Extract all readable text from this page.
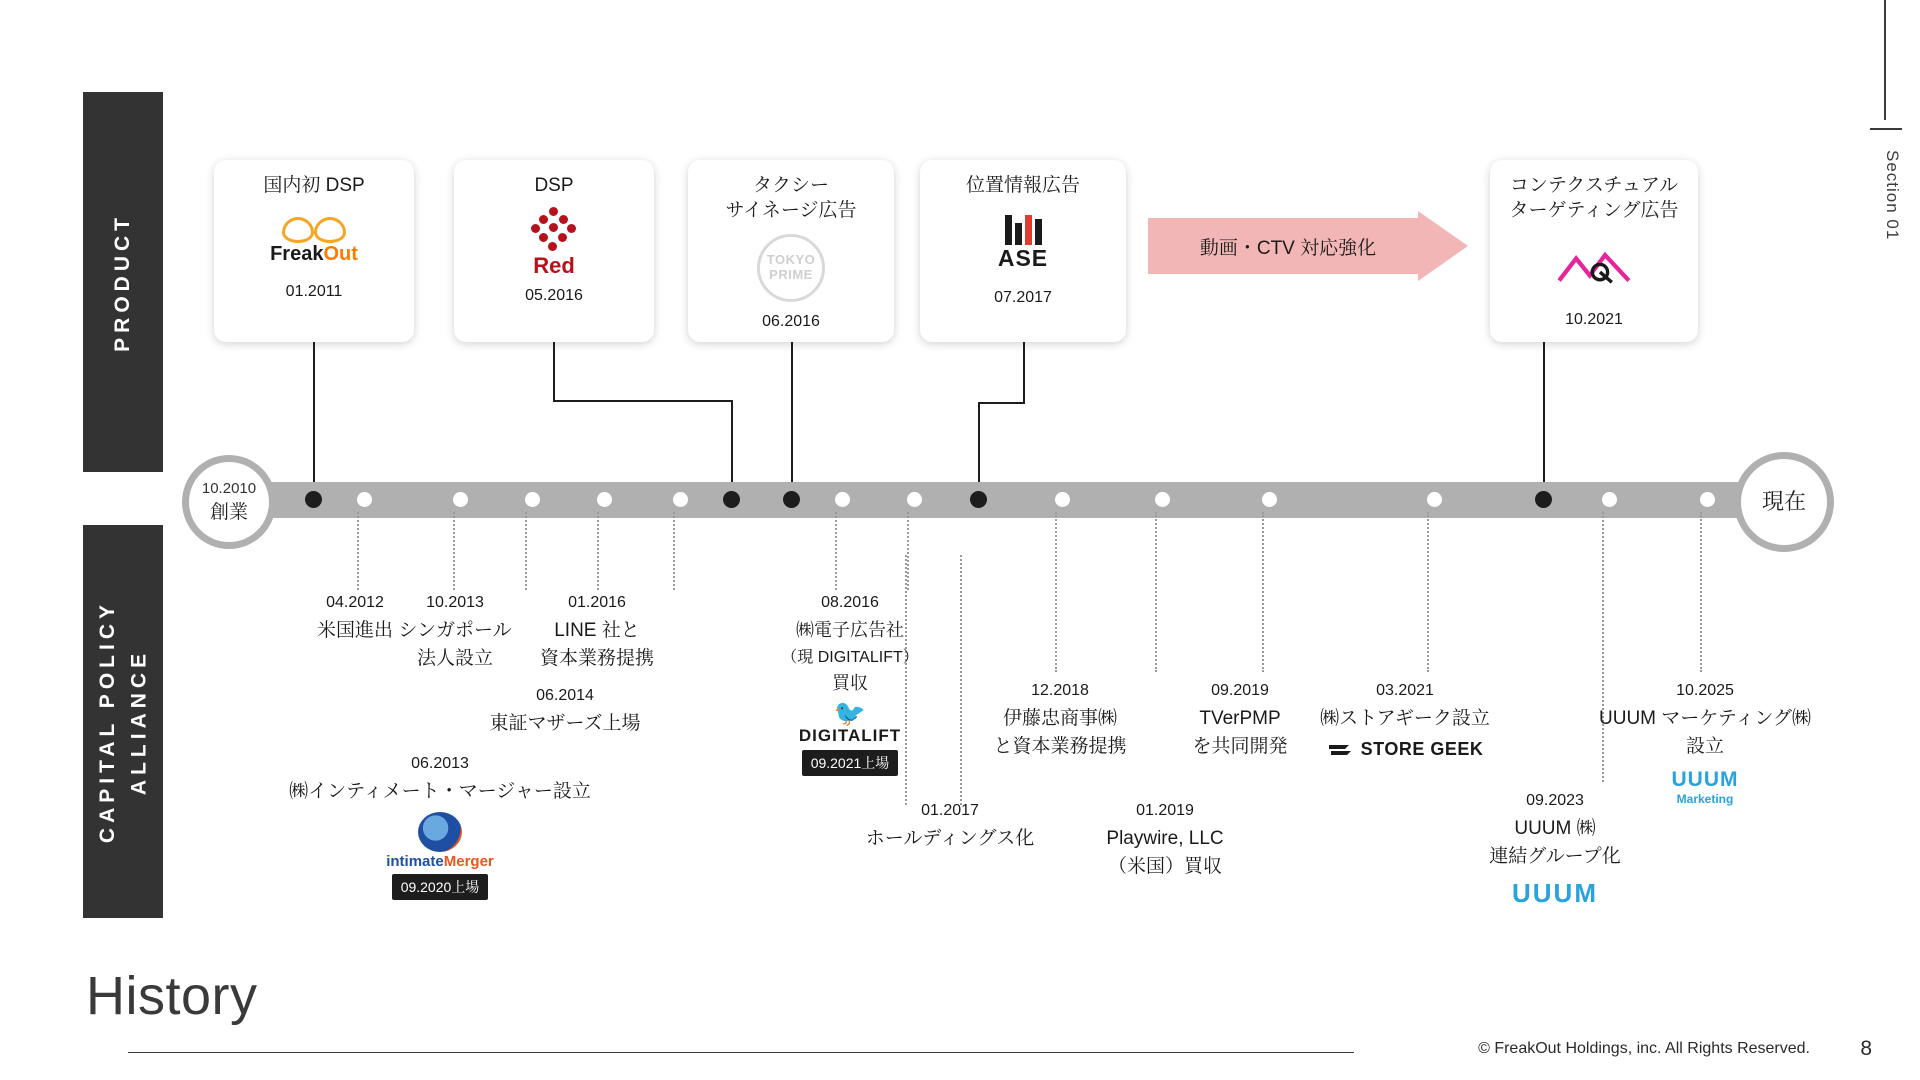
Section 01
PRODUCT
CAPITAL POLICY ALLIANCE
国内初 DSP
FreakOut
01.2011
DSP
Red
05.2016
タクシー
サイネージ広告
TOKYO
PRIME
06.2016
位置情報広告
ASE
07.2017
コンテクスチュアル
ターゲティング広告
10.2021
動画・CTV 対応強化
10.2010
創業	現在
04.2012
米国進出
06.2013
㈱インティメート・マージャー設立
intimateMerger
09.2020上場
10.2013
シンガポール
法人設立
06.2014
東証マザーズ上場
01.2016
LINE 社と
資本業務提携
08.2016
㈱電子広告社
（現 DIGITALIFT）
買収
🐦
DIGITALIFT
09.2021上場
01.2017
ホールディングス化
12.2018
伊藤忠商事㈱
と資本業務提携
01.2019
Playwire, LLC
（米国）買収
09.2019
TVerPMP
を共同開発
03.2021
㈱ストアギーク設立
STORE GEEK
09.2023
UUUM ㈱
連結グループ化
UUUM
10.2025
UUUM マーケティング㈱
設立
UUUM
Marketing
History
© FreakOut Holdings, inc. All Rights Reserved. 8
